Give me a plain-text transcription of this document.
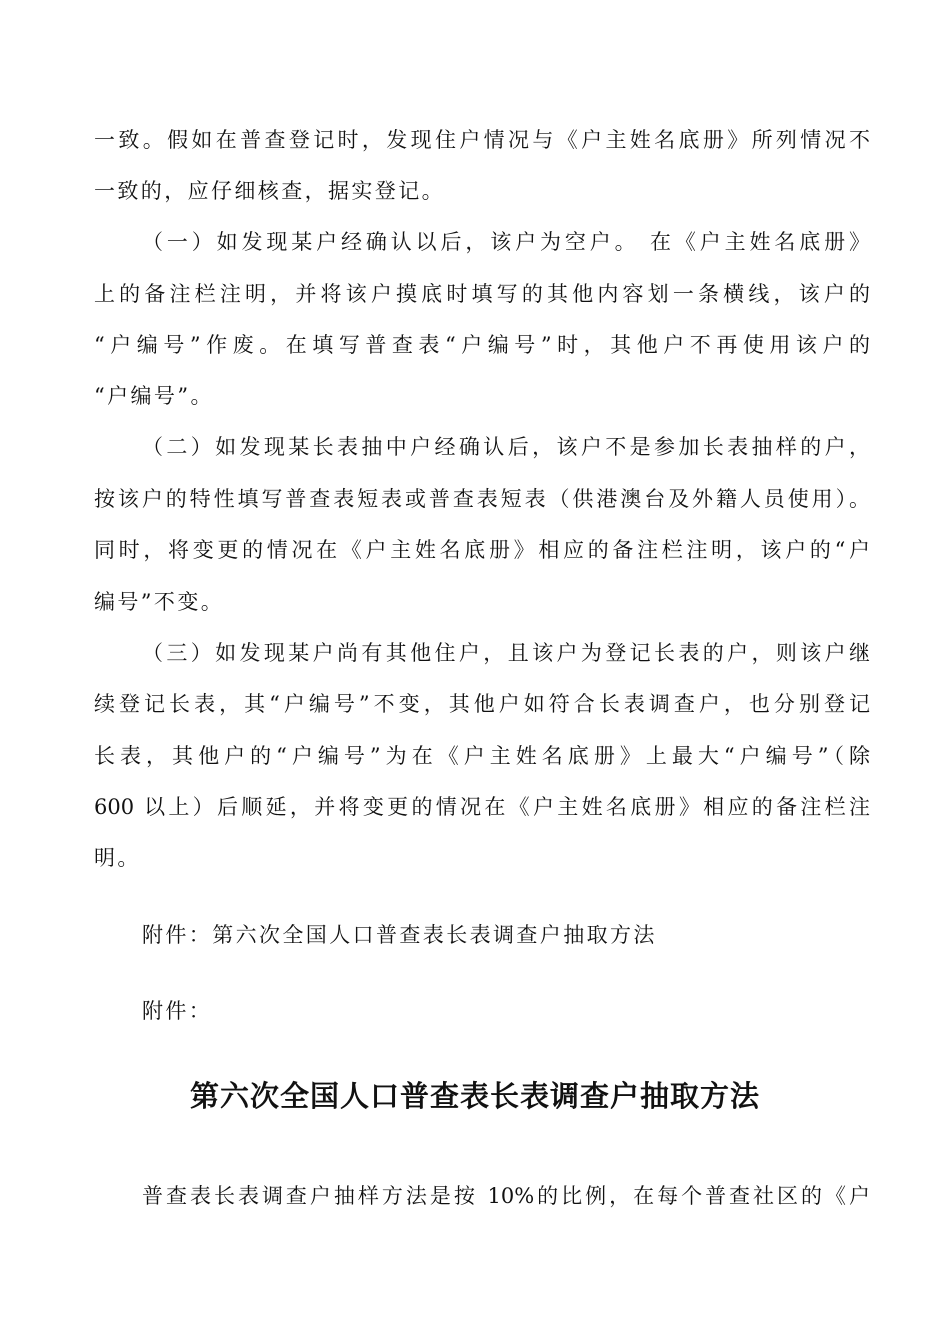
一致。假如在普查登记时，发现住户情况与《户主姓名底册》所列情况不
一致的，应仔细核查，据实登记。
（一）如发现某户经确认以后，该户为空户。 在《户主姓名底册》
上的备注栏注明，并将该户摸底时填写的其他内容划一条横线，该户的
“户编号”作废。在填写普查表“户编号”时，其他户不再使用该户的
“户编号”。
（二）如发现某长表抽中户经确认后，该户不是参加长表抽样的户，
按该户的特性填写普查表短表或普查表短表（供港澳台及外籍人员使用）。
同时，将变更的情况在《户主姓名底册》相应的备注栏注明，该户的“户
编号”不变。
（三）如发现某户尚有其他住户，且该户为登记长表的户，则该户继
续登记长表，其“户编号”不变，其他户如符合长表调查户，也分别登记
长表，其他户的“户编号”为在《户主姓名底册》上最大“户编号”（除
600 以上）后顺延，并将变更的情况在《户主姓名底册》相应的备注栏注
明。
附件：第六次全国人口普查表长表调查户抽取方法
附件：
第六次全国人口普查表长表调查户抽取方法
普查表长表调查户抽样方法是按 10%的比例，在每个普查社区的《户
